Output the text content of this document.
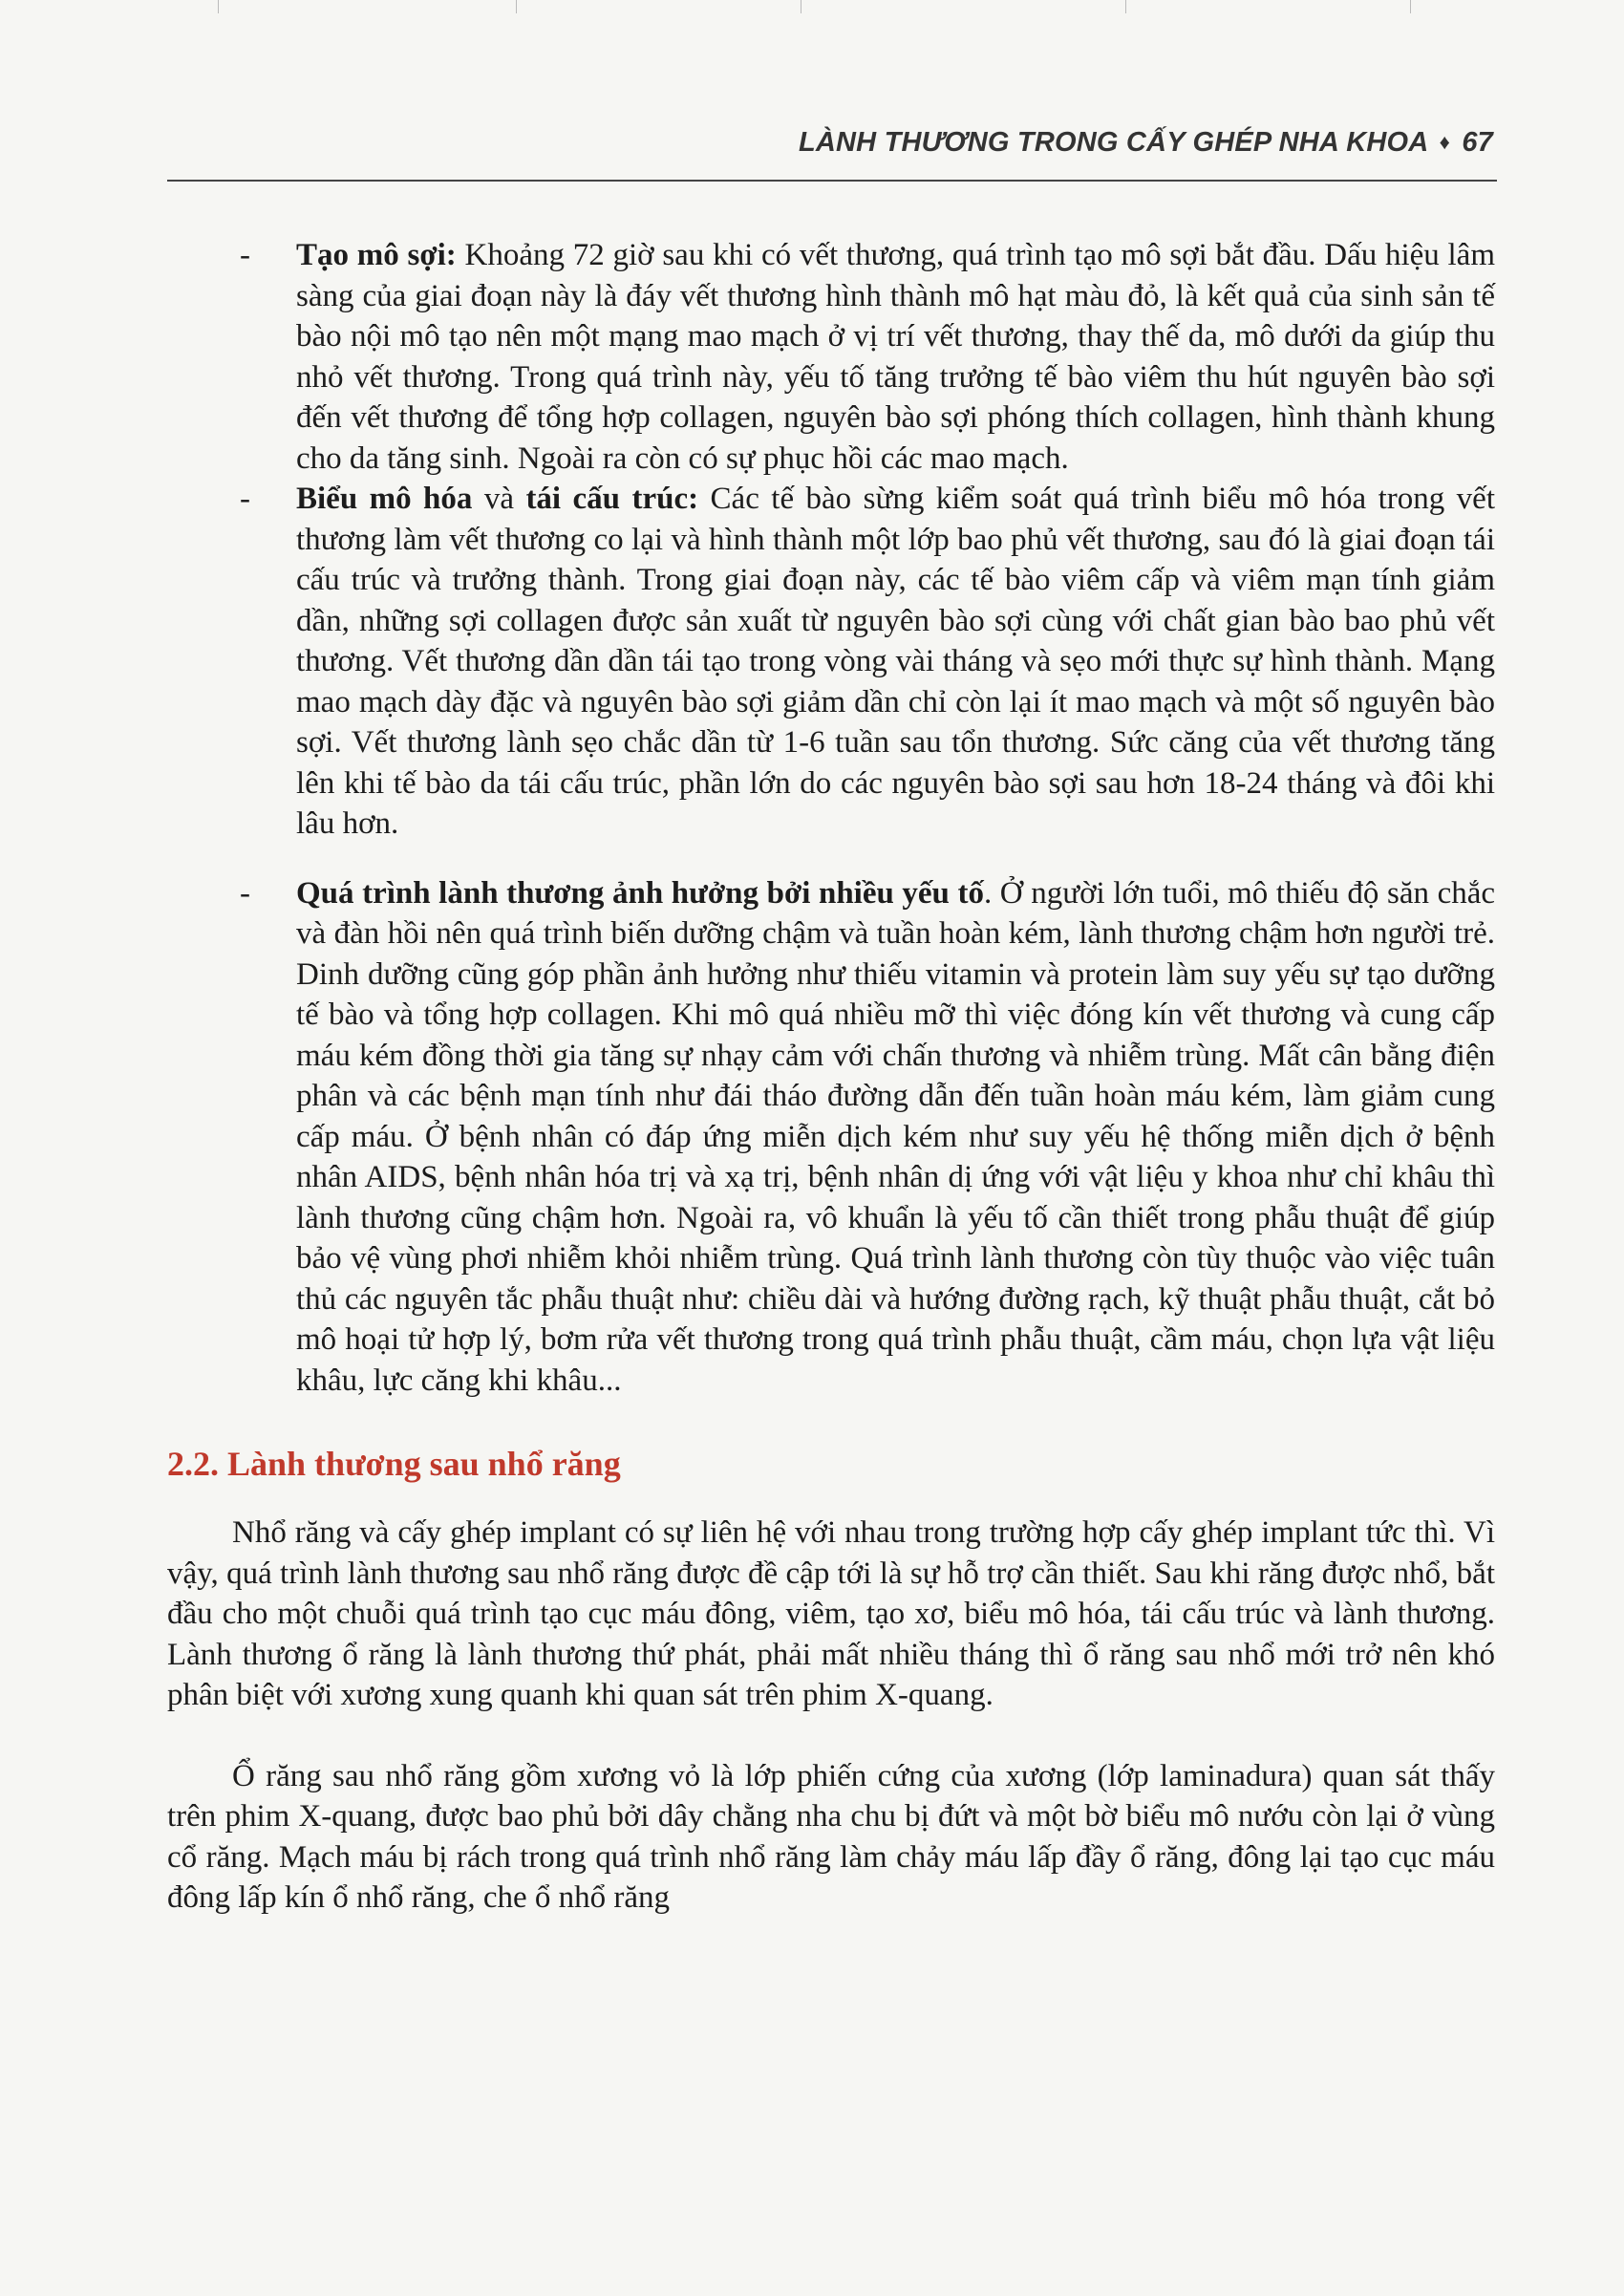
LÀNH THƯƠNG TRONG CẤY GHÉP NHA KHOA ♦ 67
- Tạo mô sợi: Khoảng 72 giờ sau khi có vết thương, quá trình tạo mô sợi bắt đầu. Dấu hiệu lâm sàng của giai đoạn này là đáy vết thương hình thành mô hạt màu đỏ, là kết quả của sinh sản tế bào nội mô tạo nên một mạng mao mạch ở vị trí vết thương, thay thế da, mô dưới da giúp thu nhỏ vết thương. Trong quá trình này, yếu tố tăng trưởng tế bào viêm thu hút nguyên bào sợi đến vết thương để tổng hợp collagen, nguyên bào sợi phóng thích collagen, hình thành khung cho da tăng sinh. Ngoài ra còn có sự phục hồi các mao mạch.

- Biểu mô hóa và tái cấu trúc: Các tế bào sừng kiểm soát quá trình biểu mô hóa trong vết thương làm vết thương co lại và hình thành một lớp bao phủ vết thương, sau đó là giai đoạn tái cấu trúc và trưởng thành. Trong giai đoạn này, các tế bào viêm cấp và viêm mạn tính giảm dần, những sợi collagen được sản xuất từ nguyên bào sợi cùng với chất gian bào bao phủ vết thương. Vết thương dần dần tái tạo trong vòng vài tháng và sẹo mới thực sự hình thành. Mạng mao mạch dày đặc và nguyên bào sợi giảm dần chỉ còn lại ít mao mạch và một số nguyên bào sợi. Vết thương lành sẹo chắc dần từ 1-6 tuần sau tổn thương. Sức căng của vết thương tăng lên khi tế bào da tái cấu trúc, phần lớn do các nguyên bào sợi sau hơn 18-24 tháng và đôi khi lâu hơn.

- Quá trình lành thương ảnh hưởng bởi nhiều yếu tố. Ở người lớn tuổi, mô thiếu độ săn chắc và đàn hồi nên quá trình biến dưỡng chậm và tuần hoàn kém, lành thương chậm hơn người trẻ. Dinh dưỡng cũng góp phần ảnh hưởng như thiếu vitamin và protein làm suy yếu sự tạo dưỡng tế bào và tổng hợp collagen. Khi mô quá nhiều mỡ thì việc đóng kín vết thương và cung cấp máu kém đồng thời gia tăng sự nhạy cảm với chấn thương và nhiễm trùng. Mất cân bằng điện phân và các bệnh mạn tính như đái tháo đường dẫn đến tuần hoàn máu kém, làm giảm cung cấp máu. Ở bệnh nhân có đáp ứng miễn dịch kém như suy yếu hệ thống miễn dịch ở bệnh nhân AIDS, bệnh nhân hóa trị và xạ trị, bệnh nhân dị ứng với vật liệu y khoa như chỉ khâu thì lành thương cũng chậm hơn. Ngoài ra, vô khuẩn là yếu tố cần thiết trong phẫu thuật để giúp bảo vệ vùng phơi nhiễm khỏi nhiễm trùng. Quá trình lành thương còn tùy thuộc vào việc tuân thủ các nguyên tắc phẫu thuật như: chiều dài và hướng đường rạch, kỹ thuật phẫu thuật, cắt bỏ mô hoại tử hợp lý, bơm rửa vết thương trong quá trình phẫu thuật, cầm máu, chọn lựa vật liệu khâu, lực căng khi khâu...

2.2. Lành thương sau nhổ răng

Nhổ răng và cấy ghép implant có sự liên hệ với nhau trong trường hợp cấy ghép implant tức thì. Vì vậy, quá trình lành thương sau nhổ răng được đề cập tới là sự hỗ trợ cần thiết. Sau khi răng được nhổ, bắt đầu cho một chuỗi quá trình tạo cục máu đông, viêm, tạo xơ, biểu mô hóa, tái cấu trúc và lành thương. Lành thương ổ răng là lành thương thứ phát, phải mất nhiều tháng thì ổ răng sau nhổ mới trở nên khó phân biệt với xương xung quanh khi quan sát trên phim X-quang.

Ổ răng sau nhổ răng gồm xương vỏ là lớp phiến cứng của xương (lớp laminadura) quan sát thấy trên phim X-quang, được bao phủ bởi dây chằng nha chu bị đứt và một bờ biểu mô nướu còn lại ở vùng cổ răng. Mạch máu bị rách trong quá trình nhổ răng làm chảy máu lấp đầy ổ răng, đông lại tạo cục máu đông lấp kín ổ nhổ răng, che ổ nhổ răng
